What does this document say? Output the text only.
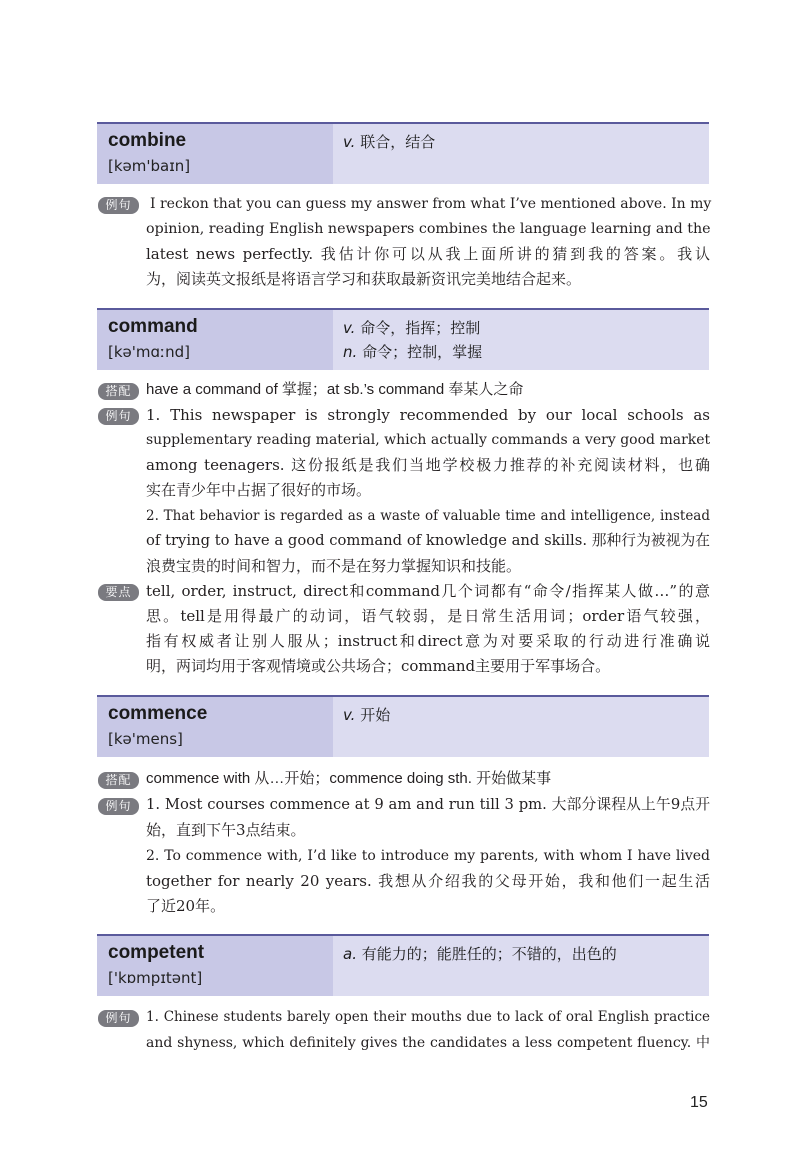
combine
[kəm'baɪn]
v. 联合，结合
例句	I reckon that you can guess my answer from what I’ve mentioned above. In my
opinion, reading English newspapers combines the language learning and the
latest news perfectly. 我估计你可以从我上面所讲的猜到我的答案。我认
为，阅读英文报纸是将语言学习和获取最新资讯完美地结合起来。
command
[kə'mɑːnd]
v. 命令，指挥；控制
n. 命令；控制，掌握
搭配 have a command of 掌握；at sb.’s command 奉某人之命
例句 1. This newspaper is strongly recommended by our local schools as
supplementary reading material, which actually commands a very good market
among teenagers. 这份报纸是我们当地学校极力推荐的补充阅读材料，也确
实在青少年中占据了很好的市场。
2. That behavior is regarded as a waste of valuable time and intelligence, instead
of trying to have a good command of knowledge and skills. 那种行为被视为在
浪费宝贵的时间和智力，而不是在努力掌握知识和技能。
要点 tell, order, instruct, direct和command几个词都有“命令/指挥某人做…”的意
思。tell是用得最广的动词，语气较弱，是日常生活用词；order语气较强，
指有权威者让别人服从；instruct和direct意为对要采取的行动进行准确说
明，两词均用于客观情境或公共场合；command主要用于军事场合。
commence
[kə'mens]
v. 开始
搭配 commence with 从…开始；commence doing sth. 开始做某事
例句 1. Most courses commence at 9 am and run till 3 pm. 大部分课程从上午9点开
始，直到下午3点结束。
2. To commence with, I’d like to introduce my parents, with whom I have lived
together for nearly 20 years. 我想从介绍我的父母开始，我和他们一起生活
了近20年。
competent
['kɒmpɪtənt]
a. 有能力的；能胜任的；不错的，出色的
例句	1. Chinese students barely open their mouths due to lack of oral English practice
and shyness, which definitely gives the candidates a less competent fluency. 中
15
